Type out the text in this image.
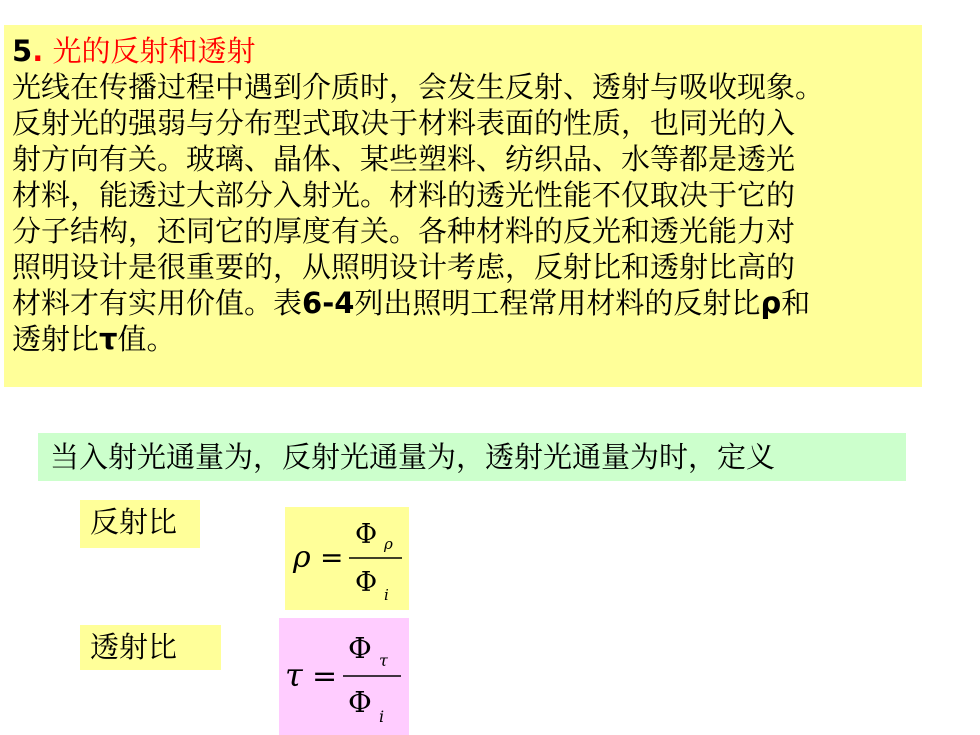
5. 光的反射和透射
光线在传播过程中遇到介质时，会发生反射、透射与吸收现象。
反射光的强弱与分布型式取决于材料表面的性质，也同光的入
射方向有关。玻璃、晶体、某些塑料、纺织品、水等都是透光
材料，能透过大部分入射光。材料的透光性能不仅取决于它的
分子结构，还同它的厚度有关。各种材料的反光和透光能力对
照明设计是很重要的，从照明设计考虑，反射比和透射比高的
材料才有实用价值。表6-4列出照明工程常用材料的反射比ρ和
透射比τ值。
当入射光通量为，反射光通量为，透射光通量为时，定义
反射比
ρ =
Φ ρ
Φ i
透射比
τ =
Φ τ
Φ i
